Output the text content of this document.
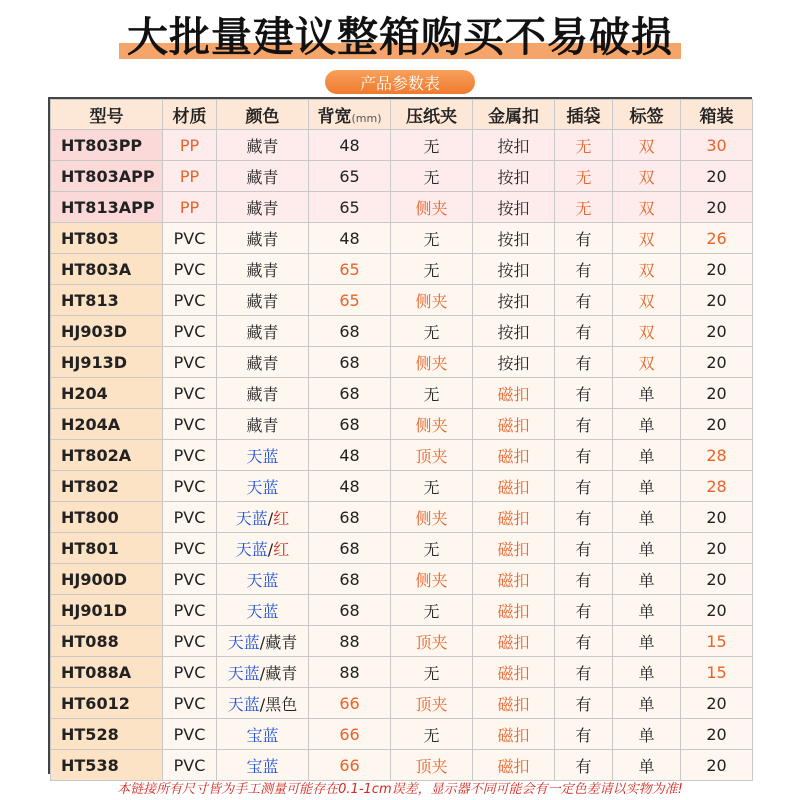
大批量建议整箱购买不易破损
产品参数表
型号	材质	颜色	背宽(mm)	压纸夹	金属扣	插袋	标签	箱装
HT803PP	PP	藏青	48	无	按扣	无	双	30
HT803APP	PP	藏青	65	无	按扣	无	双	20
HT813APP	PP	藏青	65	侧夹	按扣	无	双	20
HT803	PVC	藏青	48	无	按扣	有	双	26
HT803A	PVC	藏青	65	无	按扣	有	双	20
HT813	PVC	藏青	65	侧夹	按扣	有	双	20
HJ903D	PVC	藏青	68	无	按扣	有	双	20
HJ913D	PVC	藏青	68	侧夹	按扣	有	双	20
H204	PVC	藏青	68	无	磁扣	有	单	20
H204A	PVC	藏青	68	侧夹	磁扣	有	单	20
HT802A	PVC	天蓝	48	顶夹	磁扣	有	单	28
HT802	PVC	天蓝	48	无	磁扣	有	单	28
HT800	PVC	天蓝/红	68	侧夹	磁扣	有	单	20
HT801	PVC	天蓝/红	68	无	磁扣	有	单	20
HJ900D	PVC	天蓝	68	侧夹	磁扣	有	单	20
HJ901D	PVC	天蓝	68	无	磁扣	有	单	20
HT088	PVC	天蓝/藏青	88	顶夹	磁扣	有	单	15
HT088A	PVC	天蓝/藏青	88	无	磁扣	有	单	15
HT6012	PVC	天蓝/黑色	66	顶夹	磁扣	有	单	20
HT528	PVC	宝蓝	66	无	磁扣	有	单	20
HT538	PVC	宝蓝	66	顶夹	磁扣	有	单	20
本链接所有尺寸皆为手工测量可能存在0.1-1cm误差，显示器不同可能会有一定色差请以实物为准!
